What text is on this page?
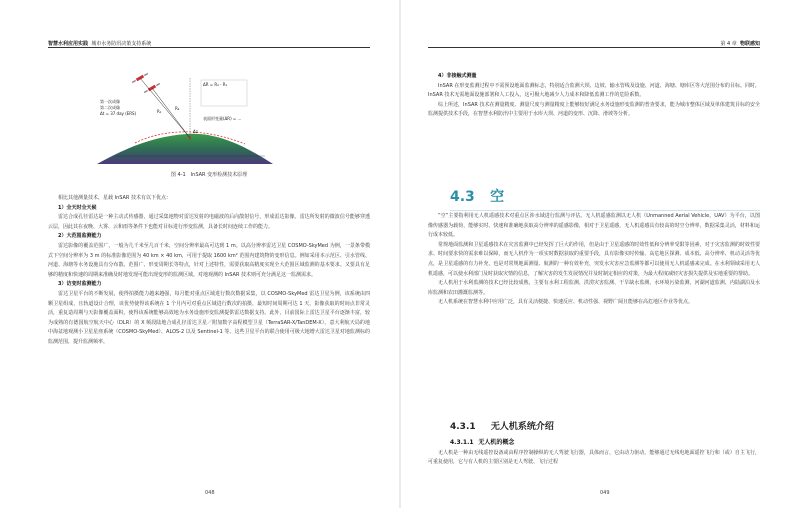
智慧水利应用实践 城市水务防汛决策支持系统
第一次成像
第二次成像
Δt = 37 day (ERS)	R₁
R₂
ΔR = R₂ - R₁
表面形变量(ΔR) = ...
Δz
图 4-1　InSAR 变形检测技术原理

相比其他测量技术，星载 InSAR 技术有以下优点：

1）全天时全天候

雷达合成孔径雷达是一种主动式传感器，通过采集地物对雷达发射的电磁波的后向散射信号，形成雷达影像。雷达所发射的微波信号能够穿透云层，因此其在夜晚、大雾、云和雨等条件下也能对目标进行形变监测，具备长时间连续工作的能力。

2）大范围监测能力

雷达影像的覆盖范围广，一般为几千米至几百千米，空间分辨率最高可达到 1 m。以高分辨率雷达卫星 COSMO-SkyMed 为例，一景条带模式下空间分辨率为 3 m 的标准影像范围为 40 km × 40 km，可用于提取 1600 km² 范围内建筑物的变形信息。例如采用本示范区、引水管线、河道、海塘等水务设施具有分布散、范围广、形变周期长等特点，针对上述特性，需要获取高精度实现全大范围区域监测的基本要求。又要具有足够的精度和快速的周期来准确及时地发现可能出现变形的监测区域。对地观测的 InSAR 技术则可充分满足这一监测需求。

3）访变时监测能力

雷达卫星平台的不断发展，使得拍摄能力越来越强，每月能对重点区域进行数次数据采集，以 COSMO-SkyMed 雷达卫星为例，该系统由四颗卫星组成，且轨道设计合理，该优势使得该系统在 1 个月内可对重点区域进行数次的拍摄，最短时间周期可达 1 天，影像获取的时间点非常灵活，重复造周期与天影像覆盖面积，使得该系统能够高效地为水务设施形变监测提供雷达数据支持。此外，目前国际上雷达卫星平台逐渐丰富，较为成熟的有德国航空航天中心（DLR）的 X 频段陆地合成孔径雷达卫星／附加数字高程模型卫星（TerraSAR-X/TanDEM-X）、意大利航天局的地中海盆地观测小卫星星座系统（COSMO-SkyMed）、ALOS-2 以及 Sentinel-1 等。这些卫星平台的联合使用可极大地增大雷达卫星对地监测标的监测范围，提升监测频率。

048
第 4 章 物联感知
4）非接触式测量

InSAR 在形变监测过程中不需预设地面监测标志，特别适合监测大坝、边坡、输水管线及设施、河道、海塘、塘库区等大范围分布的目标。同时，InSAR 技术无需地面设施部署和人工投入，这可极大地减少人力成本和降低监测工作的危险系数。

综上所述，InSAR 技术在测量精度、测量尺度与测量精度上能够较好满足水务设施形变监测的普查要求，能为城市整体区域及单体建筑目标的安全监测提供技术手段，在智慧水利防汛中主要用于水库大坝、河道的变形、沉降、滑坡等分析。

4.3 空

“空”主要指利用无人机遥感技术对重点区涉水域进行监测与评估。无人机遥感监测以无人机（Unmanned Aerial Vehicle，UAV）为平台，以图像传感器为载荷，能够实时、快速和准确地获取高分辨率的遥感影像，相对于卫星遥感，无人机遥感具有较高的时空分辨率，数据采集灵活，材料和运行成本较低。

常规地面监测和卫星遥感技术在灾害监测中已经发挥了巨大的作用，但是由于卫星遥感的时效性低和分辨率受限等因素，对于灾害监测的时效性要求、时间要求快的需求难以保障，而无人机作为一项实时数据获取的重要手段，具有影像实时传输、高危地区探测、成本低、高分辨率、机动灵活等优点，是卫星遥感的有力补充，也是对常规地面测量、航测的一种有效补充，突发水灾害应急监测等都可以使用无人机遥感来完成。在水利领域采用无人机遥感，可以使水利部门及时获取灾情的信息，了解灾害的发生发展情况并及时制定相应的对策，为最大程度减轻灾害损失提供及实地重要的帮助。

无人机用于水利监测的技术已经比较成熟，主要有水利工程监测、洪涝灾害监测、干旱缺水监测、水环境污染监测、河湖河道监测、内陆湖泊及水库监测和农田灌溉监测等。

无人机系统在智慧水利中应用广泛，具有灵活便捷、快速反应、机动性强、视野广阔且能够在高危地区作业等优点。

4.3.1 无人机系统介绍
4.3.1.1 无人机的概念

无人机是一种由无线遥控设备或由程序控制操纵的无人驾驶飞行器，具体而言，它由动力驱动，能够通过无线电地面遥控飞行和（或）自主飞行，可重复使用，它与有人机的主要区别是无人驾驶、飞行过程

049
